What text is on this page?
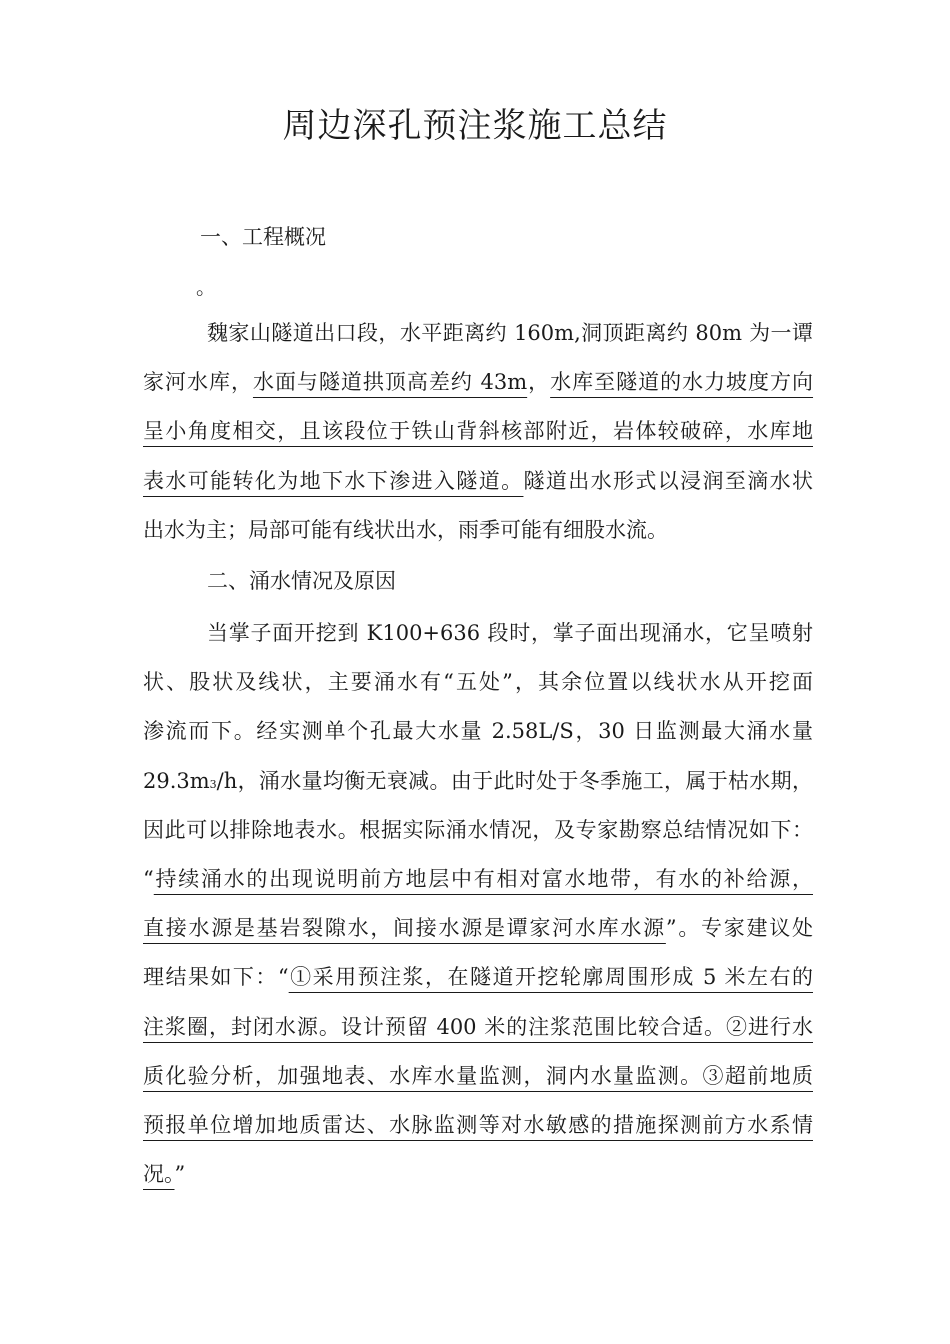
周边深孔预注浆施工总结
一、工程概况
。
魏家山隧道出口段，水平距离约 160m,洞顶距离约 80m 为一谭
家河水库，水面与隧道拱顶高差约 43m，水库至隧道的水力坡度方向
呈小角度相交，且该段位于铁山背斜核部附近，岩体较破碎，水库地
表水可能转化为地下水下渗进入隧道。隧道出水形式以浸润至滴水状
出水为主；局部可能有线状出水，雨季可能有细股水流。
二、涌水情况及原因
当掌子面开挖到 K100+636 段时，掌子面出现涌水，它呈喷射
状、股状及线状，主要涌水有“五处”，其余位置以线状水从开挖面
渗流而下。经实测单个孔最大水量 2.58L/S，30 日监测最大涌水量
29.3m3/h，涌水量均衡无衰减。由于此时处于冬季施工，属于枯水期，
因此可以排除地表水。根据实际涌水情况，及专家勘察总结情况如下：
“持续涌水的出现说明前方地层中有相对富水地带，有水的补给源，
直接水源是基岩裂隙水，间接水源是谭家河水库水源”。专家建议处
理结果如下：“①采用预注浆，在隧道开挖轮廓周围形成 5 米左右的
注浆圈，封闭水源。设计预留 400 米的注浆范围比较合适。②进行水
质化验分析，加强地表、水库水量监测，洞内水量监测。③超前地质
预报单位增加地质雷达、水脉监测等对水敏感的措施探测前方水系情
况。”
